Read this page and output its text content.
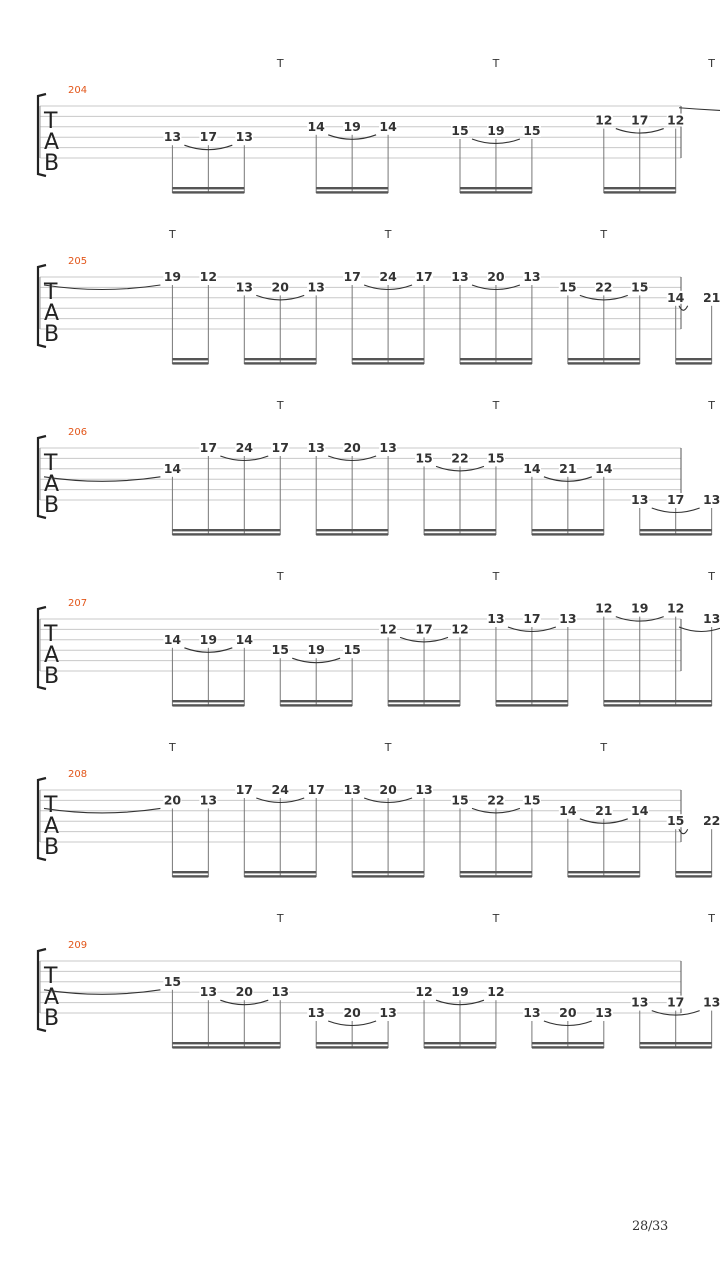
T	T	T
204
T
A
B
13 17 13
14 19 14	15 19 15
12 17 12
T	T	T
205
T
A
B
19 12
13 20 13
17 24 17 13 20 13
15 22 15
14 21
T	T	T
206
T
A
B
14
17 24 17 13 20 13
15 22 15
14 21 14
13 17 13
T	T	T
207
T
A
B
14 19 14
15 19 15
12 17 12
13 17 13
12 19 12
13
T	T	T
208
T
A
B
20 13
17 24 17 13 20 13
15 22 15
14 21 14
15 22
T	T	T
209
T
A
B
15
13 20 13
13 20 13
12 19 12
13 20 13
13 17 13
28/33
